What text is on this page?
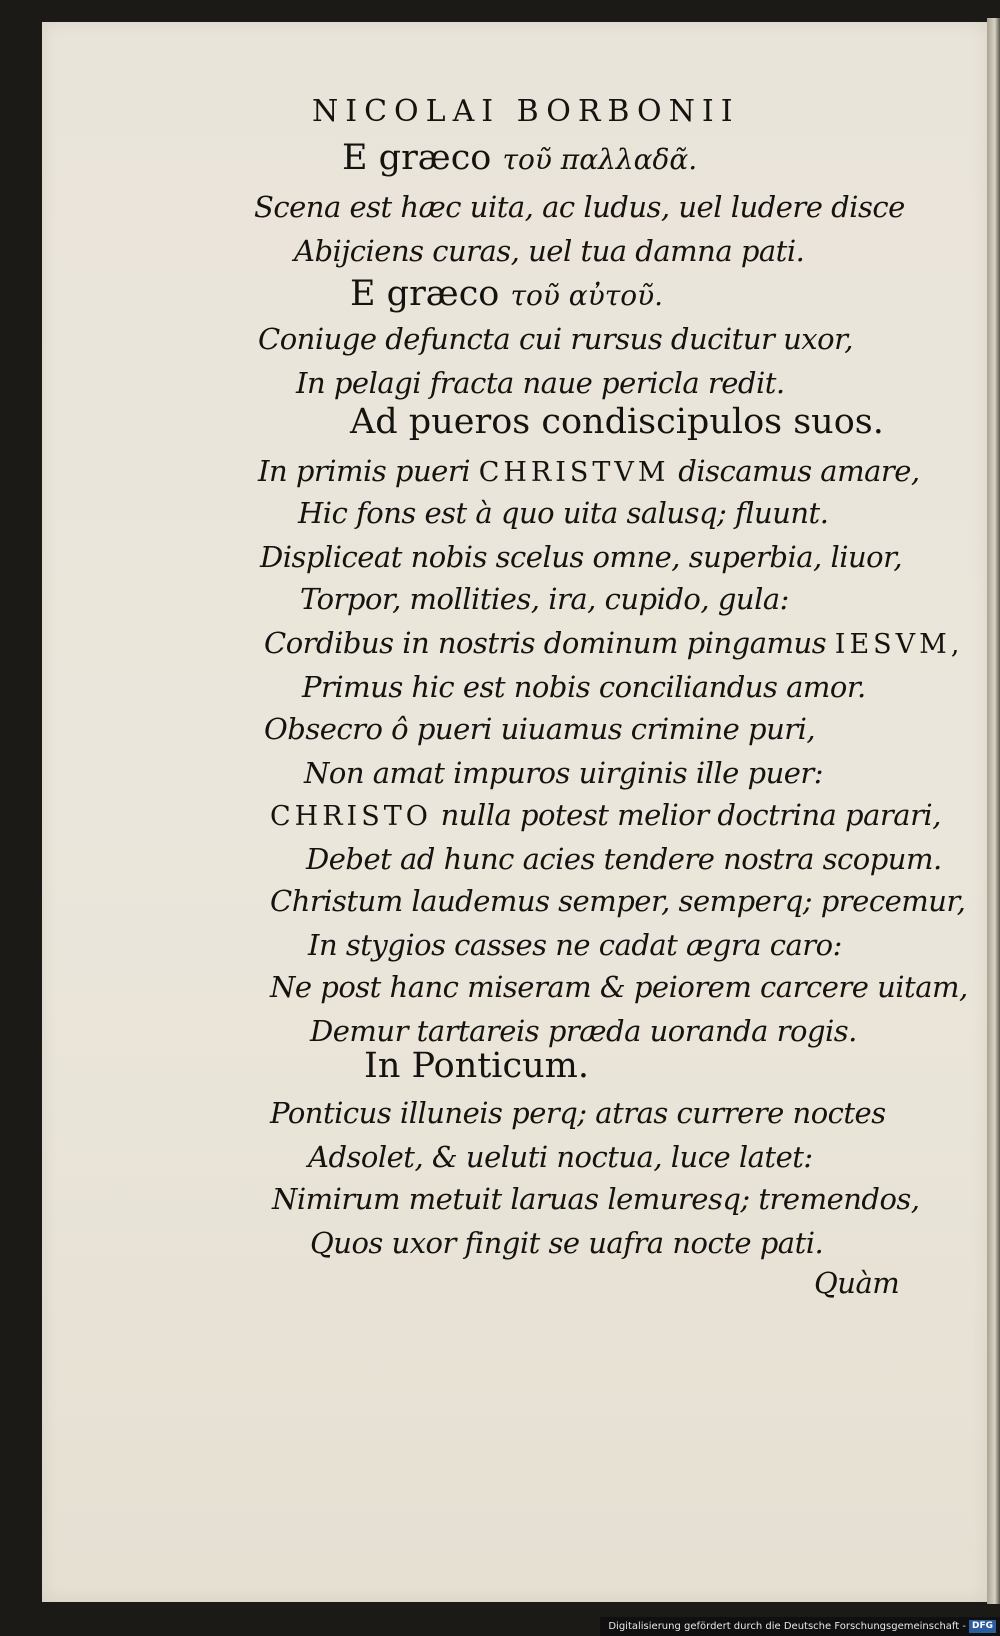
NICOLAI BORBONII
E græco τοῦ παλλαδᾶ.
Scena est hæc uita, ac ludus, uel ludere disce
Abijciens curas, uel tua damna pati.
E græco τοῦ αὐτοῦ.
Coniuge defuncta cui rursus ducitur uxor,
In pelagi fracta naue pericla redit.
Ad pueros condiscipulos suos.
In primis pueri CHRISTVM discamus amare,
Hic fons est à quo uita salusq; fluunt.
Displiceat nobis scelus omne, superbia, liuor,
Torpor, mollities, ira, cupido, gula:
Cordibus in nostris dominum pingamus IESVM,
Primus hic est nobis conciliandus amor.
Obsecro ô pueri uiuamus crimine puri,
Non amat impuros uirginis ille puer:
CHRISTO nulla potest melior doctrina parari,
Debet ad hunc acies tendere nostra scopum.
Christum laudemus semper, semperq; precemur,
In stygios casses ne cadat ægra caro:
Ne post hanc miseram & peiorem carcere uitam,
Demur tartareis præda uoranda rogis.
In Ponticum.
Ponticus illuneis perq; atras currere noctes
Adsolet, & ueluti noctua, luce latet:
Nimirum metuit laruas lemuresq; tremendos,
Quos uxor fingit se uafra nocte pati.
Quàm
Digitalisierung gefördert durch die Deutsche Forschungsgemeinschaft - DFG
